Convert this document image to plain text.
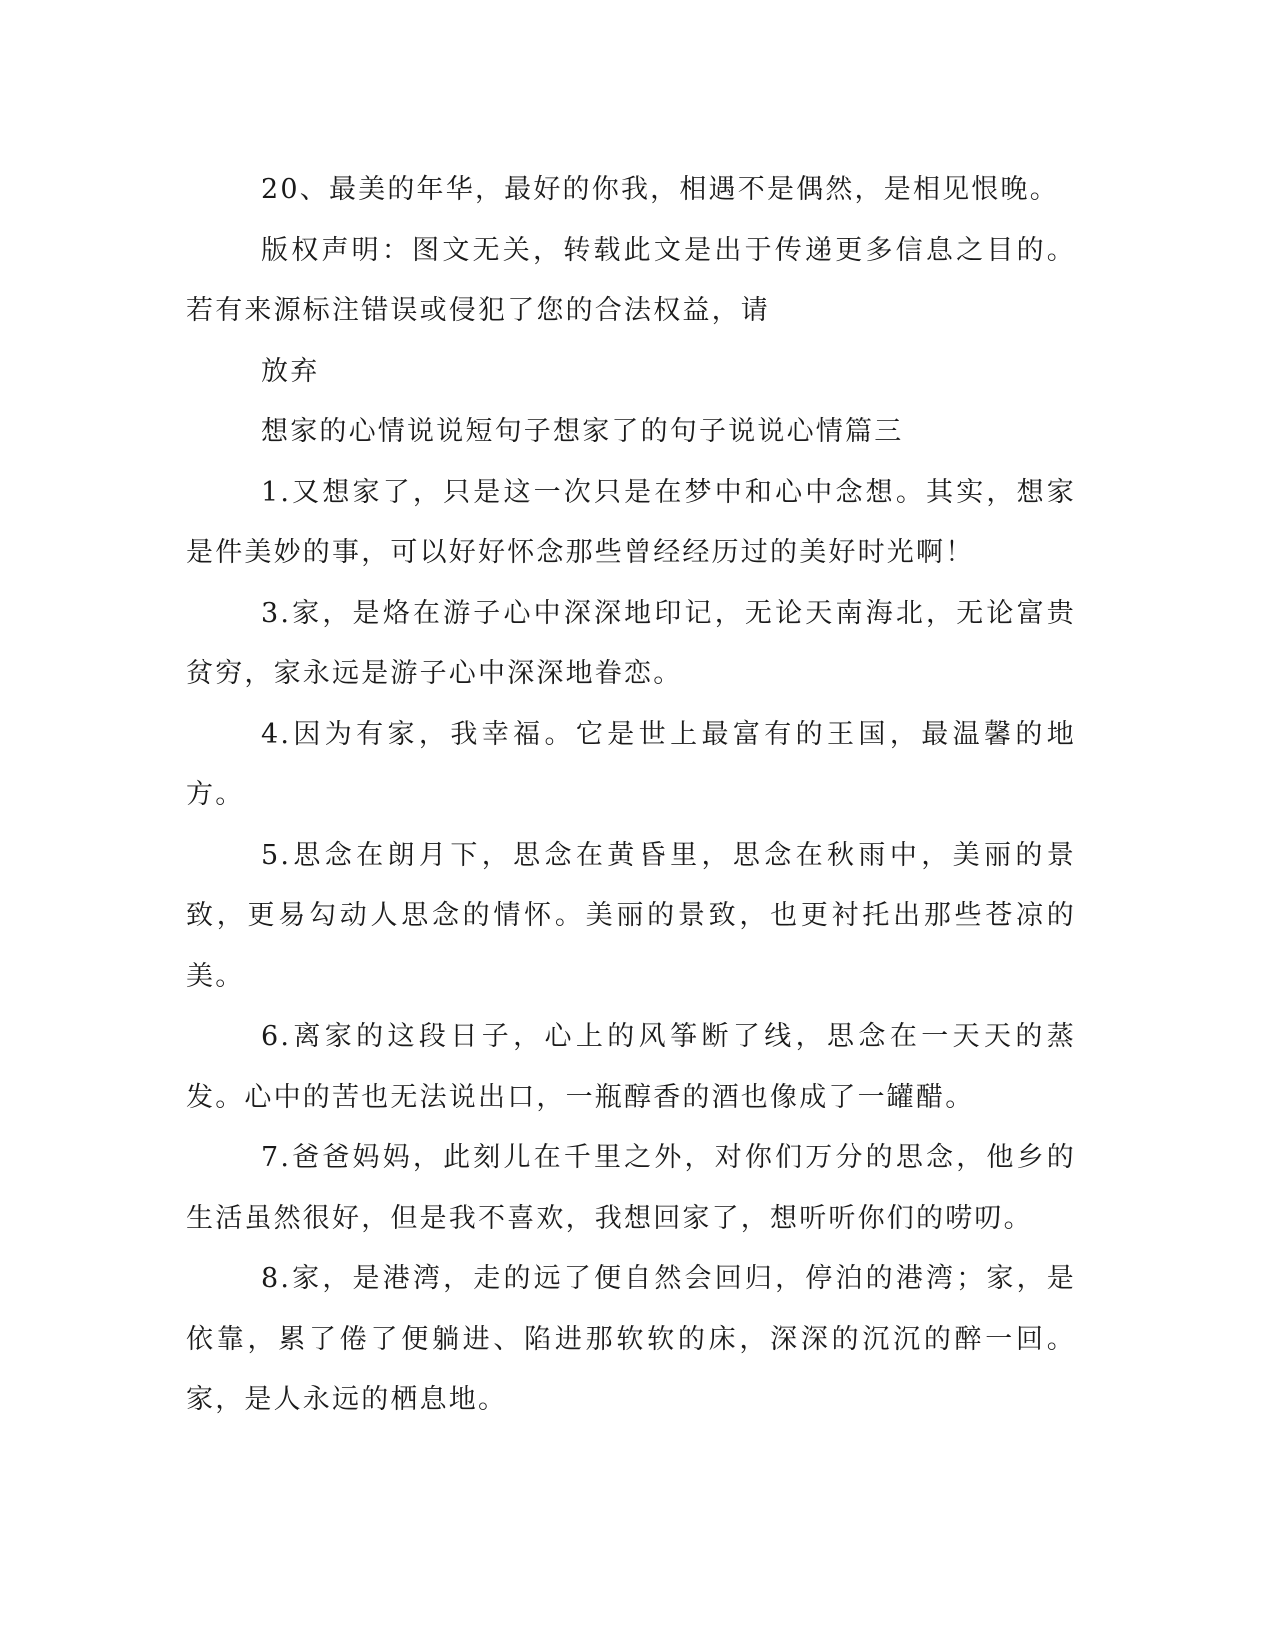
20、最美的年华，最好的你我，相遇不是偶然，是相见恨晚。

版权声明：图文无关，转载此文是出于传递更多信息之目的。若有来源标注错误或侵犯了您的合法权益，请

放弃

想家的心情说说短句子想家了的句子说说心情篇三

1.又想家了，只是这一次只是在梦中和心中念想。其实，想家是件美妙的事，可以好好怀念那些曾经经历过的美好时光啊！

3.家，是烙在游子心中深深地印记，无论天南海北，无论富贵贫穷，家永远是游子心中深深地眷恋。

4.因为有家，我幸福。它是世上最富有的王国，最温馨的地方。

5.思念在朗月下，思念在黄昏里，思念在秋雨中，美丽的景致，更易勾动人思念的情怀。美丽的景致，也更衬托出那些苍凉的美。

6.离家的这段日子，心上的风筝断了线，思念在一天天的蒸发。心中的苦也无法说出口，一瓶醇香的酒也像成了一罐醋。

7.爸爸妈妈，此刻儿在千里之外，对你们万分的思念，他乡的生活虽然很好，但是我不喜欢，我想回家了，想听听你们的唠叨。

8.家，是港湾，走的远了便自然会回归，停泊的港湾；家，是依靠，累了倦了便躺进、陷进那软软的床，深深的沉沉的醉一回。家，是人永远的栖息地。
